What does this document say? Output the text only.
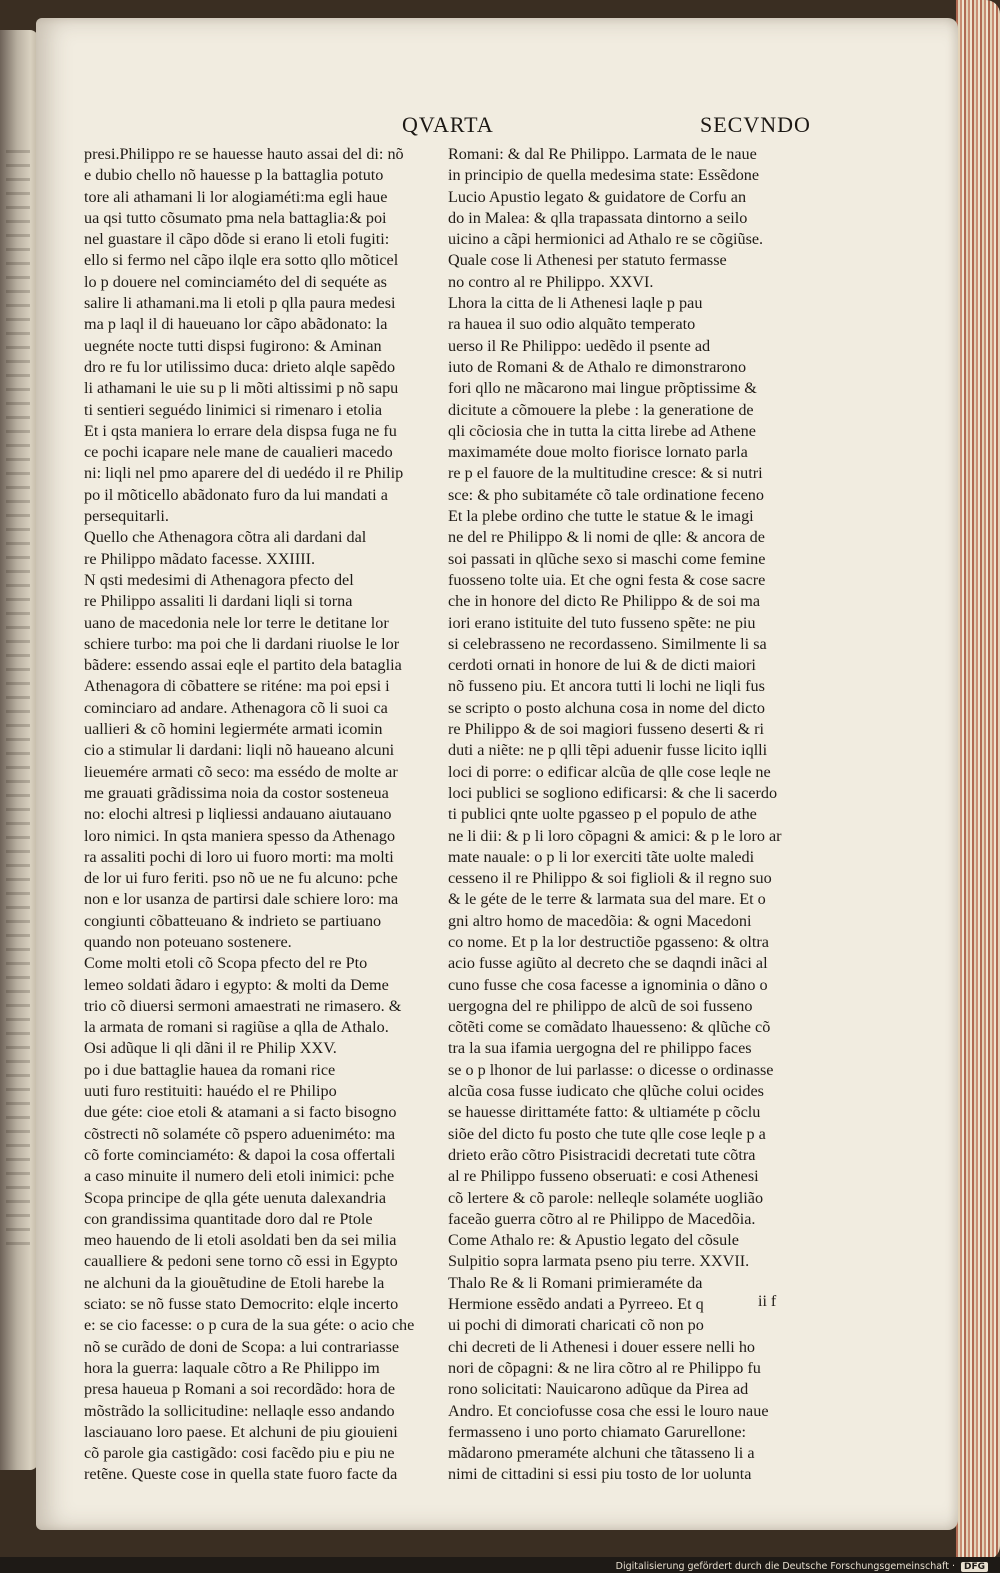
QVARTA	SECVNDO
presi.Philippo re se hauesse hauto assai del di: nõ
e dubio chello nõ hauesse p la battaglia potuto
tore ali athamani li lor alogiaméti:ma egli haue
ua qsi tutto cõsumato pma nela battaglia:& poi
nel guastare il cãpo dõde si erano li etoli fugiti:
ello si fermo nel cãpo ilqle era sotto qllo mõticel
lo p douere nel cominciaméto del di sequéte as
salire li athamani.ma li etoli p qlla paura medesi
ma p laql il di haueuano lor cãpo abãdonato: la
uegnéte nocte tutti dispsi fugirono: & Aminan
dro re fu lor utilissimo duca: drieto alqle sapẽdo
li athamani le uie su p li mõti altissimi p nõ sapu
ti sentieri seguédo linimici si rimenaro i etolia
Et i qsta maniera lo errare dela dispsa fuga ne fu
ce pochi icapare nele mane de caualieri macedo
ni: liqli nel pmo aparere del di uedédo il re Philip
po il mõticello abãdonato furo da lui mandati a
persequitarli.
Quello che Athenagora cõtra ali dardani dal
re Philippo mãdato facesse. XXIIII.
N qsti medesimi di Athenagora pfecto del
re Philippo assaliti li dardani liqli si torna
uano de macedonia nele lor terre le detitane lor
schiere turbo: ma poi che li dardani riuolse le lor
bãdere: essendo assai eqle el partito dela bataglia
Athenagora di cõbattere se riténe: ma poi epsi i
cominciaro ad andare. Athenagora cõ li suoi ca
uallieri & cõ homini legierméte armati icomin
cio a stimular li dardani: liqli nõ haueano alcuni
lieuemére armati cõ seco: ma essédo de molte ar
me grauati grãdissima noia da costor sosteneua
no: elochi altresi p liqliessi andauano aiutauano
loro nimici. In qsta maniera spesso da Athenago
ra assaliti pochi di loro ui fuoro morti: ma molti
de lor ui furo feriti. pso nõ ue ne fu alcuno: pche
non e lor usanza de partirsi dale schiere loro: ma
congiunti cõbatteuano & indrieto se partiuano
quando non poteuano sostenere.
Come molti etoli cõ Scopa pfecto del re Pto
lemeo soldati ãdaro i egypto: & molti da Deme
trio cõ diuersi sermoni amaestrati ne rimasero. &
la armata de romani si ragiũse a qlla de Athalo.
Osi adũque li qli dãni il re Philip XXV.
po i due battaglie hauea da romani rice
uuti furo restituiti: hauédo el re Philipo
due géte: cioe etoli & atamani a si facto bisogno
cõstrecti nõ solaméte cõ pspero adueniméto: ma
cõ forte cominciaméto: & dapoi la cosa offertali
a caso minuite il numero deli etoli inimici: pche
Scopa principe de qlla géte uenuta dalexandria
con grandissima quantitade doro dal re Ptole
meo hauendo de li etoli asoldati ben da sei milia
caualliere & pedoni sene torno cõ essi in Egypto
ne alchuni da la giouẽtudine de Etoli harebe la
sciato: se nõ fusse stato Democrito: elqle incerto
e: se cio facesse: o p cura de la sua géte: o acio che
nõ se curãdo de doni de Scopa: a lui contrariasse
hora la guerra: laquale cõtro a Re Philippo im
presa haueua p Romani a soi recordãdo: hora de
mõstrãdo la sollicitudine: nellaqle esso andando
lasciauano loro paese. Et alchuni de piu giouieni
cõ parole gia castigãdo: cosi facẽdo piu e piu ne
retẽne. Queste cose in quella state fuoro facte da
Romani: & dal Re Philippo. Larmata de le naue
in principio de quella medesima state: Essẽdone
Lucio Apustio legato & guidatore de Corfu an
do in Malea: & qlla trapassata dintorno a seilo
uicino a cãpi hermionici ad Athalo re se cõgiũse.
Quale cose li Athenesi per statuto fermasse
no contro al re Philippo. XXVI.
Lhora la citta de li Athenesi laqle p pau
ra hauea il suo odio alquãto temperato
uerso il Re Philippo: uedẽdo il psente ad
iuto de Romani & de Athalo re dimonstrarono
fori qllo ne mãcarono mai lingue prõptissime &
dicitute a cõmouere la plebe : la generatione de
qli cõciosia che in tutta la citta lirebe ad Athene
maximaméte doue molto fiorisce lornato parla
re p el fauore de la multitudine cresce: & si nutri
sce: & pho subitaméte cõ tale ordinatione feceno
Et la plebe ordino che tutte le statue & le imagi
ne del re Philippo & li nomi de qlle: & ancora de
soi passati in qlũche sexo si maschi come femine
fuosseno tolte uia. Et che ogni festa & cose sacre
che in honore del dicto Re Philippo & de soi ma
iori erano istituite del tuto fusseno spẽte: ne piu
si celebrasseno ne recordasseno. Similmente li sa
cerdoti ornati in honore de lui & de dicti maiori
nõ fusseno piu. Et ancora tutti li lochi ne liqli fus
se scripto o posto alchuna cosa in nome del dicto
re Philippo & de soi magiori fusseno deserti & ri
duti a niẽte: ne p qlli tẽpi aduenir fusse licito iqlli
loci di porre: o edificar alcũa de qlle cose leqle ne
loci publici se sogliono edificarsi: & che li sacerdo
ti publici qnte uolte pgasseo p el populo de athe
ne li dii: & p li loro cõpagni & amici: & p le loro ar
mate nauale: o p li lor exerciti tãte uolte maledi
cesseno il re Philippo & soi figlioli & il regno suo
& le géte de le terre & larmata sua del mare. Et o
gni altro homo de macedõia: & ogni Macedoni
co nome. Et p la lor destructiõe pgasseno: & oltra
acio fusse agiũto al decreto che se daqndi inãci al
cuno fusse che cosa facesse a ignominia o dãno o
uergogna del re philippo de alcũ de soi fusseno
cõtẽti come se comãdato lhauesseno: & qlũche cõ
tra la sua ifamia uergogna del re philippo faces
se o p lhonor de lui parlasse: o dicesse o ordinasse
alcũa cosa fusse iudicato che qlũche colui ocides
se hauesse dirittaméte fatto: & ultiaméte p cõclu
siõe del dicto fu posto che tute qlle cose leqle p a
drieto erão cõtro Pisistracidi decretati tute cõtra
al re Philippo fusseno obseruati: e cosi Athenesi
cõ lertere & cõ parole: nelleqle solaméte uoglião
faceão guerra cõtro al re Philippo de Macedõia.
Come Athalo re: & Apustio legato del cõsule
Sulpitio sopra larmata pseno piu terre. XXVII.
Thalo Re & li Romani primieraméte da
Hermione essẽdo andati a Pyrreeo. Et q
ui pochi di dimorati charicati cõ non po
chi decreti de li Athenesi i douer essere nelli ho
nori de cõpagni: & ne lira cõtro al re Philippo fu
rono solicitati: Nauicarono adũque da Pirea ad
Andro. Et conciofusse cosa che essi le louro naue
fermasseno i uno porto chiamato Garurellone:
mãdarono pmeraméte alchuni che tãtasseno li a
nimi de cittadini si essi piu tosto de lor uolunta
ii f
Digitalisierung gefördert durch die Deutsche Forschungsgemeinschaft ·	DFG
